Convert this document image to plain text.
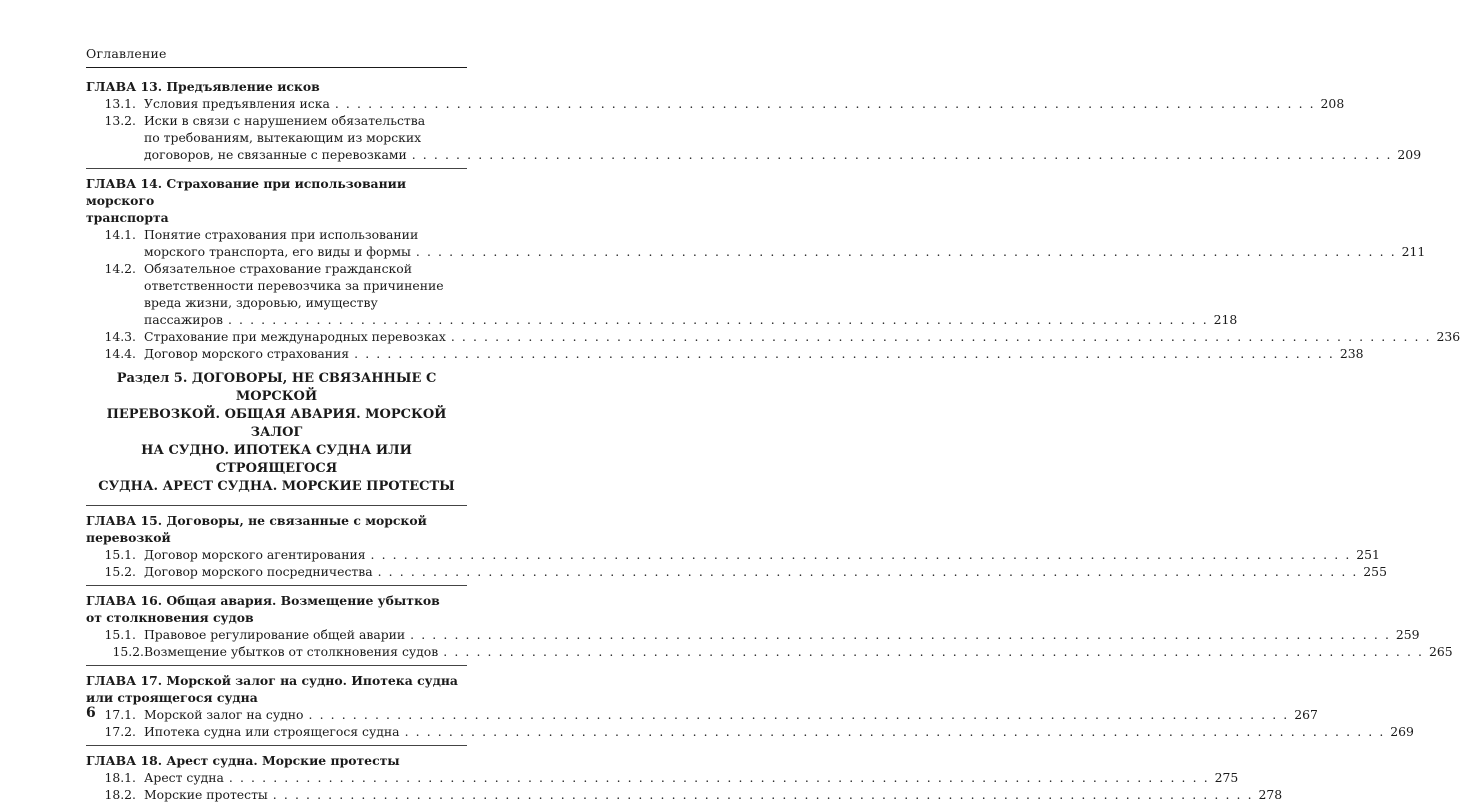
Оглавление
ГЛАВА 13. Предъявление исков
13.1. Условия предъявления иска . . .	208
13.2. Иски в связи с нарушением обязательства
по требованиям, вытекающим из морских
договоров, не связанные с перевозками . . .	209
ГЛАВА 14. Страхование при использовании морского
транспорта
14.1. Понятие страхования при использовании
морского транспорта, его виды и формы . . .	211
14.2. Обязательное страхование гражданской
ответственности перевозчика за причинение
вреда жизни, здоровью, имуществу
пассажиров . . .	218
14.3. Страхование при международных перевозках . . .	236
14.4. Договор морского страхования . . .	238
Раздел 5. ДОГОВОРЫ, НЕ СВЯЗАННЫЕ С МОРСКОЙ
ПЕРЕВОЗКОЙ. ОБЩАЯ АВАРИЯ. МОРСКОЙ ЗАЛОГ
НА СУДНО. ИПОТЕКА СУДНА ИЛИ СТРОЯЩЕГОСЯ
СУДНА. АРЕСТ СУДНА. МОРСКИЕ ПРОТЕСТЫ
ГЛАВА 15. Договоры, не связанные с морской
перевозкой
15.1. Договор морского агентирования . . .	251
15.2. Договор морского посредничества . . .	255
ГЛАВА 16. Общая авария. Возмещение убытков
от столкновения судов
15.1. Правовое регулирование общей аварии . . .	259
15.2. Возмещение убытков от столкновения судов . . .	265
ГЛАВА 17. Морской залог на судно. Ипотека судна
или строящегося судна
17.1. Морской залог на судно . . .	267
17.2. Ипотека судна или строящегося судна . . .	269
ГЛАВА 18. Арест судна. Морские протесты
18.1. Арест судна . . .	275
18.2. Морские протесты . . .	278
6
